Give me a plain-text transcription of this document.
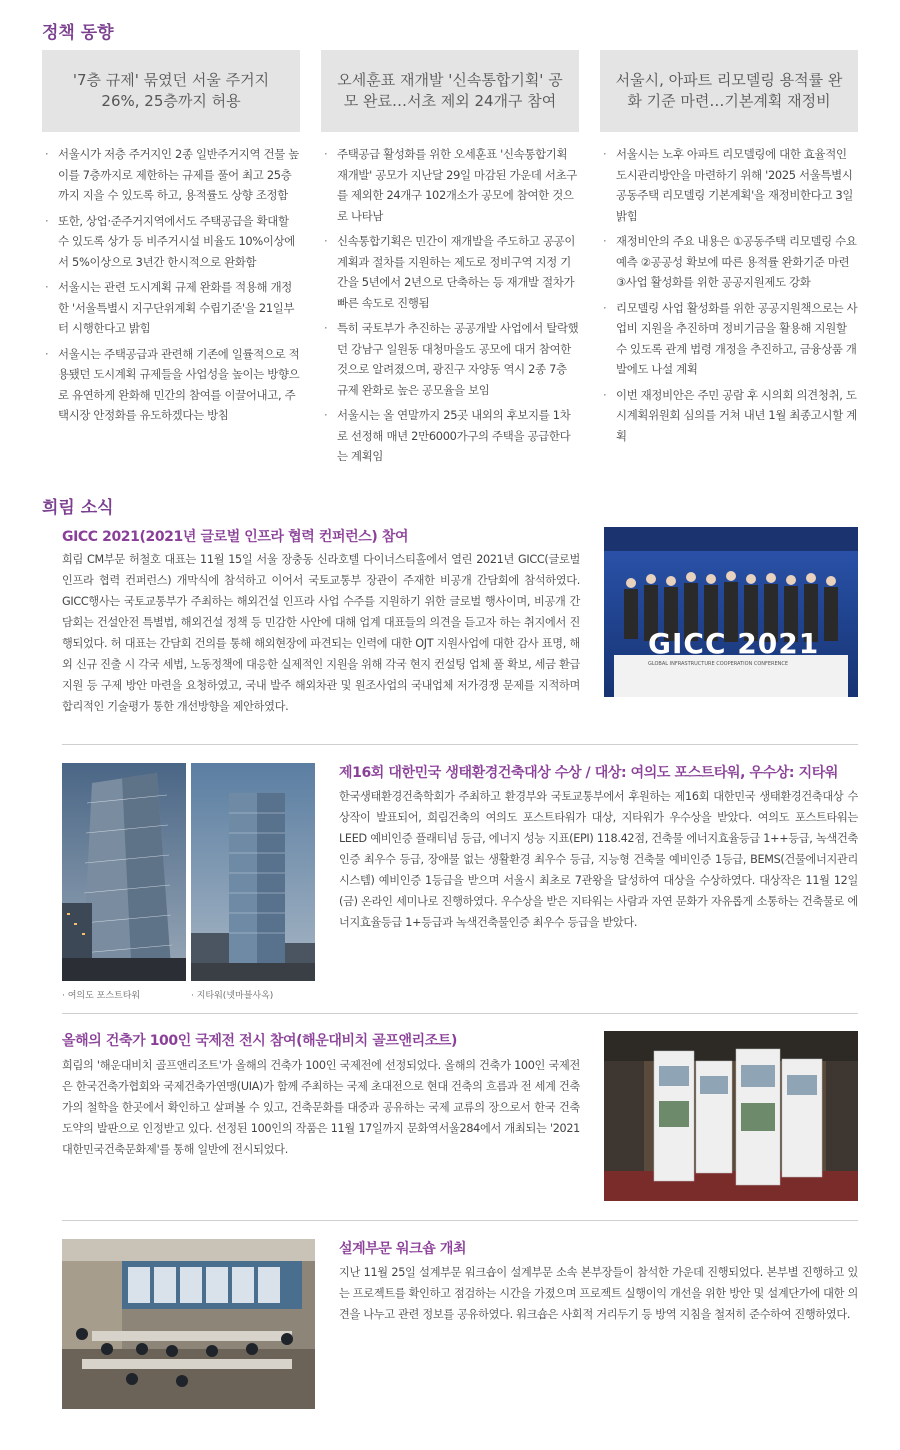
정책 동향
'7층 규제' 묶였던 서울 주거지 26%, 25층까지 허용
· 서울시가 저층 주거지인 2종 일반주거지역 건물 높이를 7층까지로 제한하는 규제를 풀어 최고 25층까지 지을 수 있도록 하고, 용적률도 상향 조정함
· 또한, 상업·준주거지역에서도 주택공급을 확대할 수 있도록 상가 등 비주거시설 비율도 10%이상에서 5%이상으로 3년간 한시적으로 완화함
· 서울시는 관련 도시계획 규제 완화를 적용해 개정한 '서울특별시 지구단위계획 수립기준'을 21일부터 시행한다고 밝힘
· 서울시는 주택공급과 관련해 기존에 일률적으로 적용됐던 도시계획 규제들을 사업성을 높이는 방향으로 유연하게 완화해 민간의 참여를 이끌어내고, 주택시장 안정화를 유도하겠다는 방침
오세훈표 재개발 '신속통합기획' 공모 완료…서초 제외 24개구 참여
· 주택공급 활성화를 위한 오세훈표 '신속통합기획 재개발' 공모가 지난달 29일 마감된 가운데 서초구를 제외한 24개구 102개소가 공모에 참여한 것으로 나타남
· 신속통합기획은 민간이 재개발을 주도하고 공공이 계획과 절차를 지원하는 제도로 정비구역 지정 기간을 5년에서 2년으로 단축하는 등 재개발 절차가 빠른 속도로 진행됨
· 특히 국토부가 추진하는 공공개발 사업에서 탈락했던 강남구 일원동 대청마을도 공모에 대거 참여한 것으로 알려졌으며, 광진구 자양동 역시 2종 7층 규제 완화로 높은 공모율을 보임
· 서울시는 올 연말까지 25곳 내외의 후보지를 1차로 선정해 매년 2만6000가구의 주택을 공급한다는 계획임
서울시, 아파트 리모델링 용적률 완화 기준 마련…기본계획 재정비
· 서울시는 노후 아파트 리모델링에 대한 효율적인 도시관리방안을 마련하기 위해 '2025 서울특별시 공동주택 리모델링 기본계획'을 재정비한다고 3일 밝힘
· 재정비안의 주요 내용은 ①공동주택 리모델링 수요예측 ②공공성 확보에 따른 용적률 완화기준 마련 ③사업 활성화를 위한 공공지원제도 강화
· 리모델링 사업 활성화를 위한 공공지원책으로는 사업비 지원을 추진하며 정비기금을 활용해 지원할 수 있도록 관계 법령 개정을 추진하고, 금융상품 개발에도 나설 계획
· 이번 재정비안은 주민 공람 후 시의회 의견청취, 도시계획위원회 심의를 거쳐 내년 1월 최종고시할 계획
희림 소식
GICC 2021(2021년 글로벌 인프라 협력 컨퍼런스) 참여
희림 CM부문 허철호 대표는 11월 15일 서울 장충동 신라호텔 다이너스티홀에서 열린 2021년 GICC(글로벌 인프라 협력 컨퍼런스) 개막식에 참석하고 이어서 국토교통부 장관이 주재한 비공개 간담회에 참석하였다. GICC행사는 국토교통부가 주최하는 해외건설 인프라 사업 수주를 지원하기 위한 글로벌 행사이며, 비공개 간담회는 건설안전 특별법, 해외건설 정책 등 민감한 사안에 대해 업계 대표들의 의견을 듣고자 하는 취지에서 진행되었다. 허 대표는 간담회 건의를 통해 해외현장에 파견되는 인력에 대한 OJT 지원사업에 대한 감사 표명, 해외 신규 진출 시 각국 세법, 노동정책에 대응한 실제적인 지원을 위해 각국 현지 컨설팅 업체 풀 확보, 세금 환급 지원 등 구제 방안 마련을 요청하였고, 국내 발주 해외차관 및 원조사업의 국내업체 저가경쟁 문제를 지적하며 합리적인 기술평가 통한 개선방향을 제안하였다.
GICC 2021
GLOBAL INFRASTRUCTURE COOPERATION CONFERENCE
· 여의도 포스트타워	· 지타워(넷마블사옥)
제16회 대한민국 생태환경건축대상 수상 / 대상: 여의도 포스트타워, 우수상: 지타워
한국생태환경건축학회가 주최하고 환경부와 국토교통부에서 후원하는 제16회 대한민국 생태환경건축대상 수상작이 발표되어, 희림건축의 여의도 포스트타워가 대상, 지타워가 우수상을 받았다. 여의도 포스트타워는 LEED 예비인증 플래티넘 등급, 에너지 성능 지표(EPI) 118.42점, 건축물 에너지효율등급 1++등급, 녹색건축인증 최우수 등급, 장애물 없는 생활환경 최우수 등급, 지능형 건축물 예비인증 1등급, BEMS(건물에너지관리시스템) 예비인증 1등급을 받으며 서울시 최초로 7관왕을 달성하여 대상을 수상하였다. 대상작은 11월 12일(금) 온라인 세미나로 진행하였다. 우수상을 받은 지타워는 사람과 자연 문화가 자유롭게 소통하는 건축물로 에너지효율등급 1+등급과 녹색건축물인증 최우수 등급을 받았다.
올해의 건축가 100인 국제전 전시 참여(해운대비치 골프앤리조트)
희림의 '해운대비치 골프앤리조트'가 올해의 건축가 100인 국제전에 선정되었다. 올해의 건축가 100인 국제전은 한국건축가협회와 국제건축가연맹(UIA)가 함께 주최하는 국제 초대전으로 현대 건축의 흐름과 전 세계 건축가의 철학을 한곳에서 확인하고 살펴볼 수 있고, 건축문화를 대중과 공유하는 국제 교류의 장으로서 한국 건축 도약의 발판으로 인정받고 있다. 선정된 100인의 작품은 11월 17일까지 문화역서울284에서 개최되는 '2021대한민국건축문화제'를 통해 일반에 전시되었다.
설계부문 워크숍 개최
지난 11월 25일 설계부문 워크숍이 설계부문 소속 본부장들이 참석한 가운데 진행되었다. 본부별 진행하고 있는 프로젝트를 확인하고 점검하는 시간을 가졌으며 프로젝트 실행이익 개선을 위한 방안 및 설계단가에 대한 의견을 나누고 관련 정보를 공유하였다. 워크숍은 사회적 거리두기 등 방역 지침을 철저히 준수하여 진행하였다.
